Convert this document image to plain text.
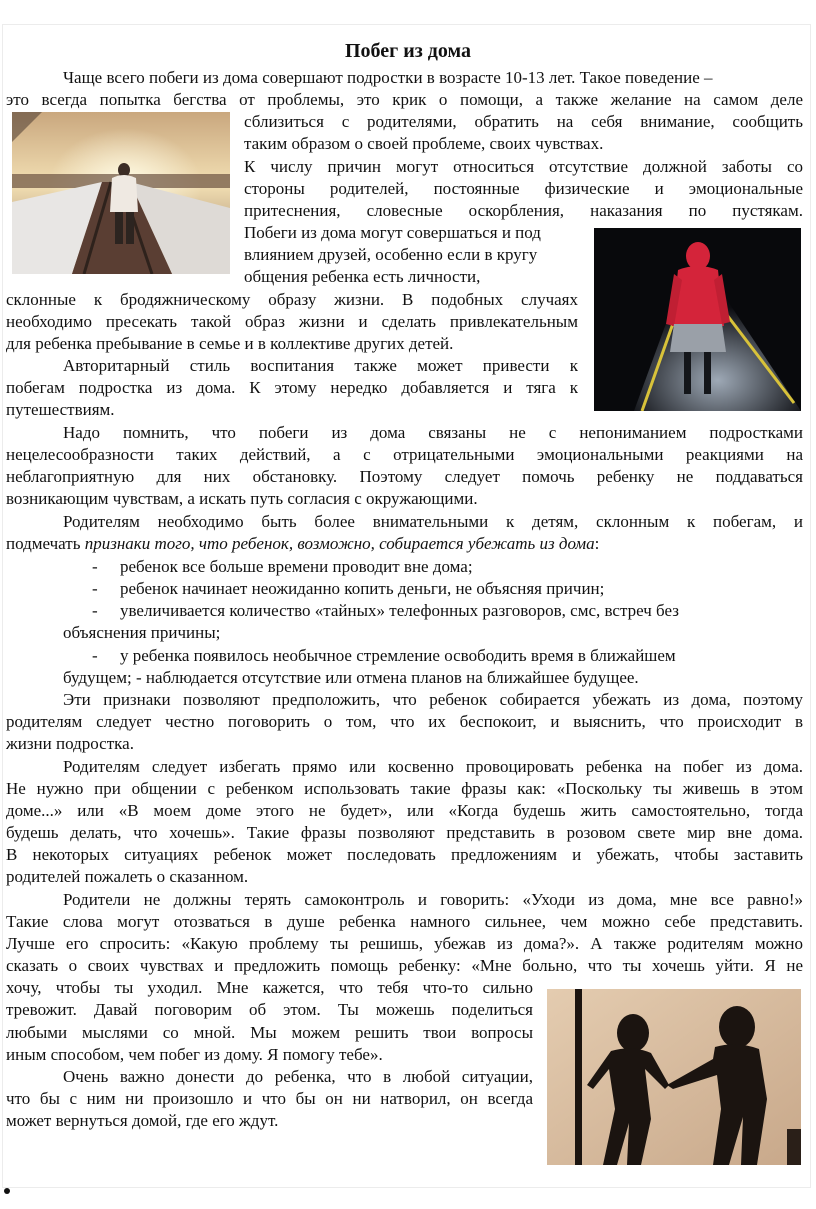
Побег из дома
Чаще всего побеги из дома совершают подростки в возрасте 10-13 лет. Такое поведение –
это всегда попытка бегства от проблемы, это крик о помощи, а также желание на самом деле
сблизиться с родителями, обратить на себя внимание, сообщить
таким образом о своей проблеме, своих чувствах.
К числу причин могут относиться отсутствие должной заботы со
стороны родителей, постоянные физические и эмоциональные
притеснения, словесные оскорбления, наказания по пустякам.
Побеги из дома могут совершаться и под
влиянием друзей, особенно если в кругу
общения ребенка есть личности,
склонные к бродяжническому образу жизни. В подобных случаях
необходимо пресекать такой образ жизни и сделать привлекательным
для ребенка пребывание в семье и в коллективе других детей.
Авторитарный стиль воспитания также может привести к
побегам подростка из дома. К этому нередко добавляется и тяга к
путешествиям.
Надо помнить, что побеги из дома связаны не с непониманием подростками
нецелесообразности таких действий, а с отрицательными эмоциональными реакциями на
неблагоприятную для них обстановку. Поэтому следует помочь ребенку не поддаваться
возникающим чувствам, а искать путь согласия с окружающими.
Родителям необходимо быть более внимательными к детям, склонным к побегам, и
подмечать признаки того, что ребенок, возможно, собирается убежать из дома:
- ребенок все больше времени проводит вне дома;
- ребенок начинает неожиданно копить деньги, не объясняя причин;
- увеличивается количество «тайных» телефонных разговоров, смс, встреч без
объяснения причины;
- у ребенка появилось необычное стремление освободить время в ближайшем
будущем; - наблюдается отсутствие или отмена планов на ближайшее будущее.
Эти признаки позволяют предположить, что ребенок собирается убежать из дома, поэтому
родителям следует честно поговорить о том, что их беспокоит, и выяснить, что происходит в
жизни подростка.
Родителям следует избегать прямо или косвенно провоцировать ребенка на побег из дома.
Не нужно при общении с ребенком использовать такие фразы как: «Поскольку ты живешь в этом
доме...» или «В моем доме этого не будет», или «Когда будешь жить самостоятельно, тогда
будешь делать, что хочешь». Такие фразы позволяют представить в розовом свете мир вне дома.
В некоторых ситуациях ребенок может последовать предложениям и убежать, чтобы заставить
родителей пожалеть о сказанном.
Родители не должны терять самоконтроль и говорить: «Уходи из дома, мне все равно!»
Такие слова могут отозваться в душе ребенка намного сильнее, чем можно себе представить.
Лучше его спросить: «Какую проблему ты решишь, убежав из дома?». А также родителям можно
сказать о своих чувствах и предложить помощь ребенку: «Мне больно, что ты хочешь уйти. Я не
хочу, чтобы ты уходил. Мне кажется, что тебя что-то сильно
тревожит. Давай поговорим об этом. Ты можешь поделиться
любыми мыслями со мной. Мы можем решить твои вопросы
иным способом, чем побег из дому. Я помогу тебе».
Очень важно донести до ребенка, что в любой ситуации,
что бы с ним ни произошло и что бы он ни натворил, он всегда
может вернуться домой, где его ждут.
